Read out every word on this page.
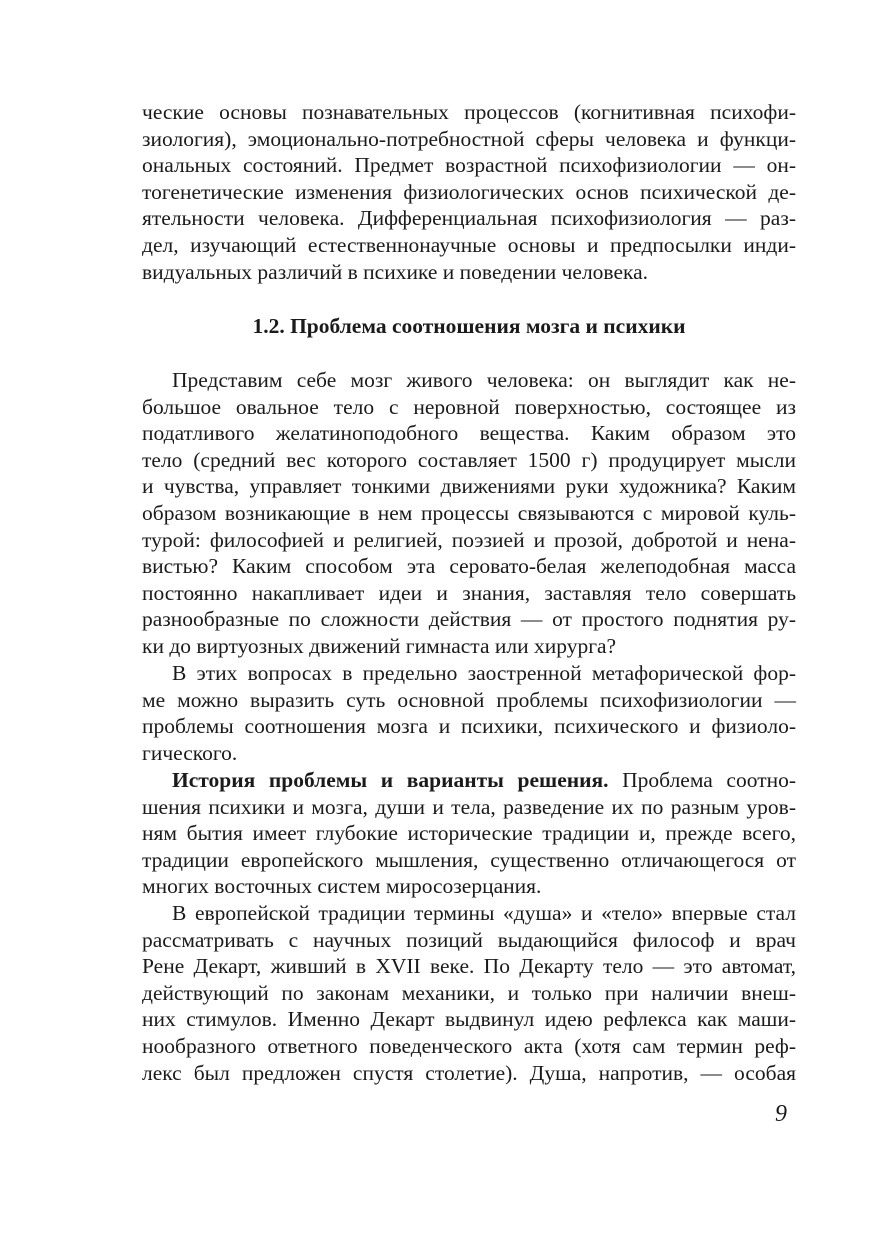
ческие основы познавательных процессов (когнитивная психофи-
зиология), эмоционально-потребностной сферы человека и функци-
ональных состояний. Предмет возрастной психофизиологии — он-
тогенетические изменения физиологических основ психической де-
ятельности человека. Дифференциальная психофизиология — раз-
дел, изучающий естественнонаучные основы и предпосылки инди-
видуальных различий в психике и поведении человека.
1.2. Проблема соотношения мозга и психики
Представим себе мозг живого человека: он выглядит как не-
большое овальное тело с неровной поверхностью, состоящее из
податливого желатиноподобного вещества. Каким образом это
тело (средний вес которого составляет 1500 г) продуцирует мысли
и чувства, управляет тонкими движениями руки художника? Каким
образом возникающие в нем процессы связываются с мировой куль-
турой: философией и религией, поэзией и прозой, добротой и нена-
вистью? Каким способом эта серовато-белая желеподобная масса
постоянно накапливает идеи и знания, заставляя тело совершать
разнообразные по сложности действия — от простого поднятия ру-
ки до виртуозных движений гимнаста или хирурга?
В этих вопросах в предельно заостренной метафорической фор-
ме можно выразить суть основной проблемы психофизиологии —
проблемы соотношения мозга и психики, психического и физиоло-
гического.
История проблемы и варианты решения. Проблема соотно-
шения психики и мозга, души и тела, разведение их по разным уров-
ням бытия имеет глубокие исторические традиции и, прежде всего,
традиции европейского мышления, существенно отличающегося от
многих восточных систем миросозерцания.
В европейской традиции термины «душа» и «тело» впервые стал
рассматривать с научных позиций выдающийся философ и врач
Рене Декарт, живший в XVII веке. По Декарту тело — это автомат,
действующий по законам механики, и только при наличии внеш-
них стимулов. Именно Декарт выдвинул идею рефлекса как маши-
нообразного ответного поведенческого акта (хотя сам термин реф-
лекс был предложен спустя столетие). Душа, напротив, — особая
9
